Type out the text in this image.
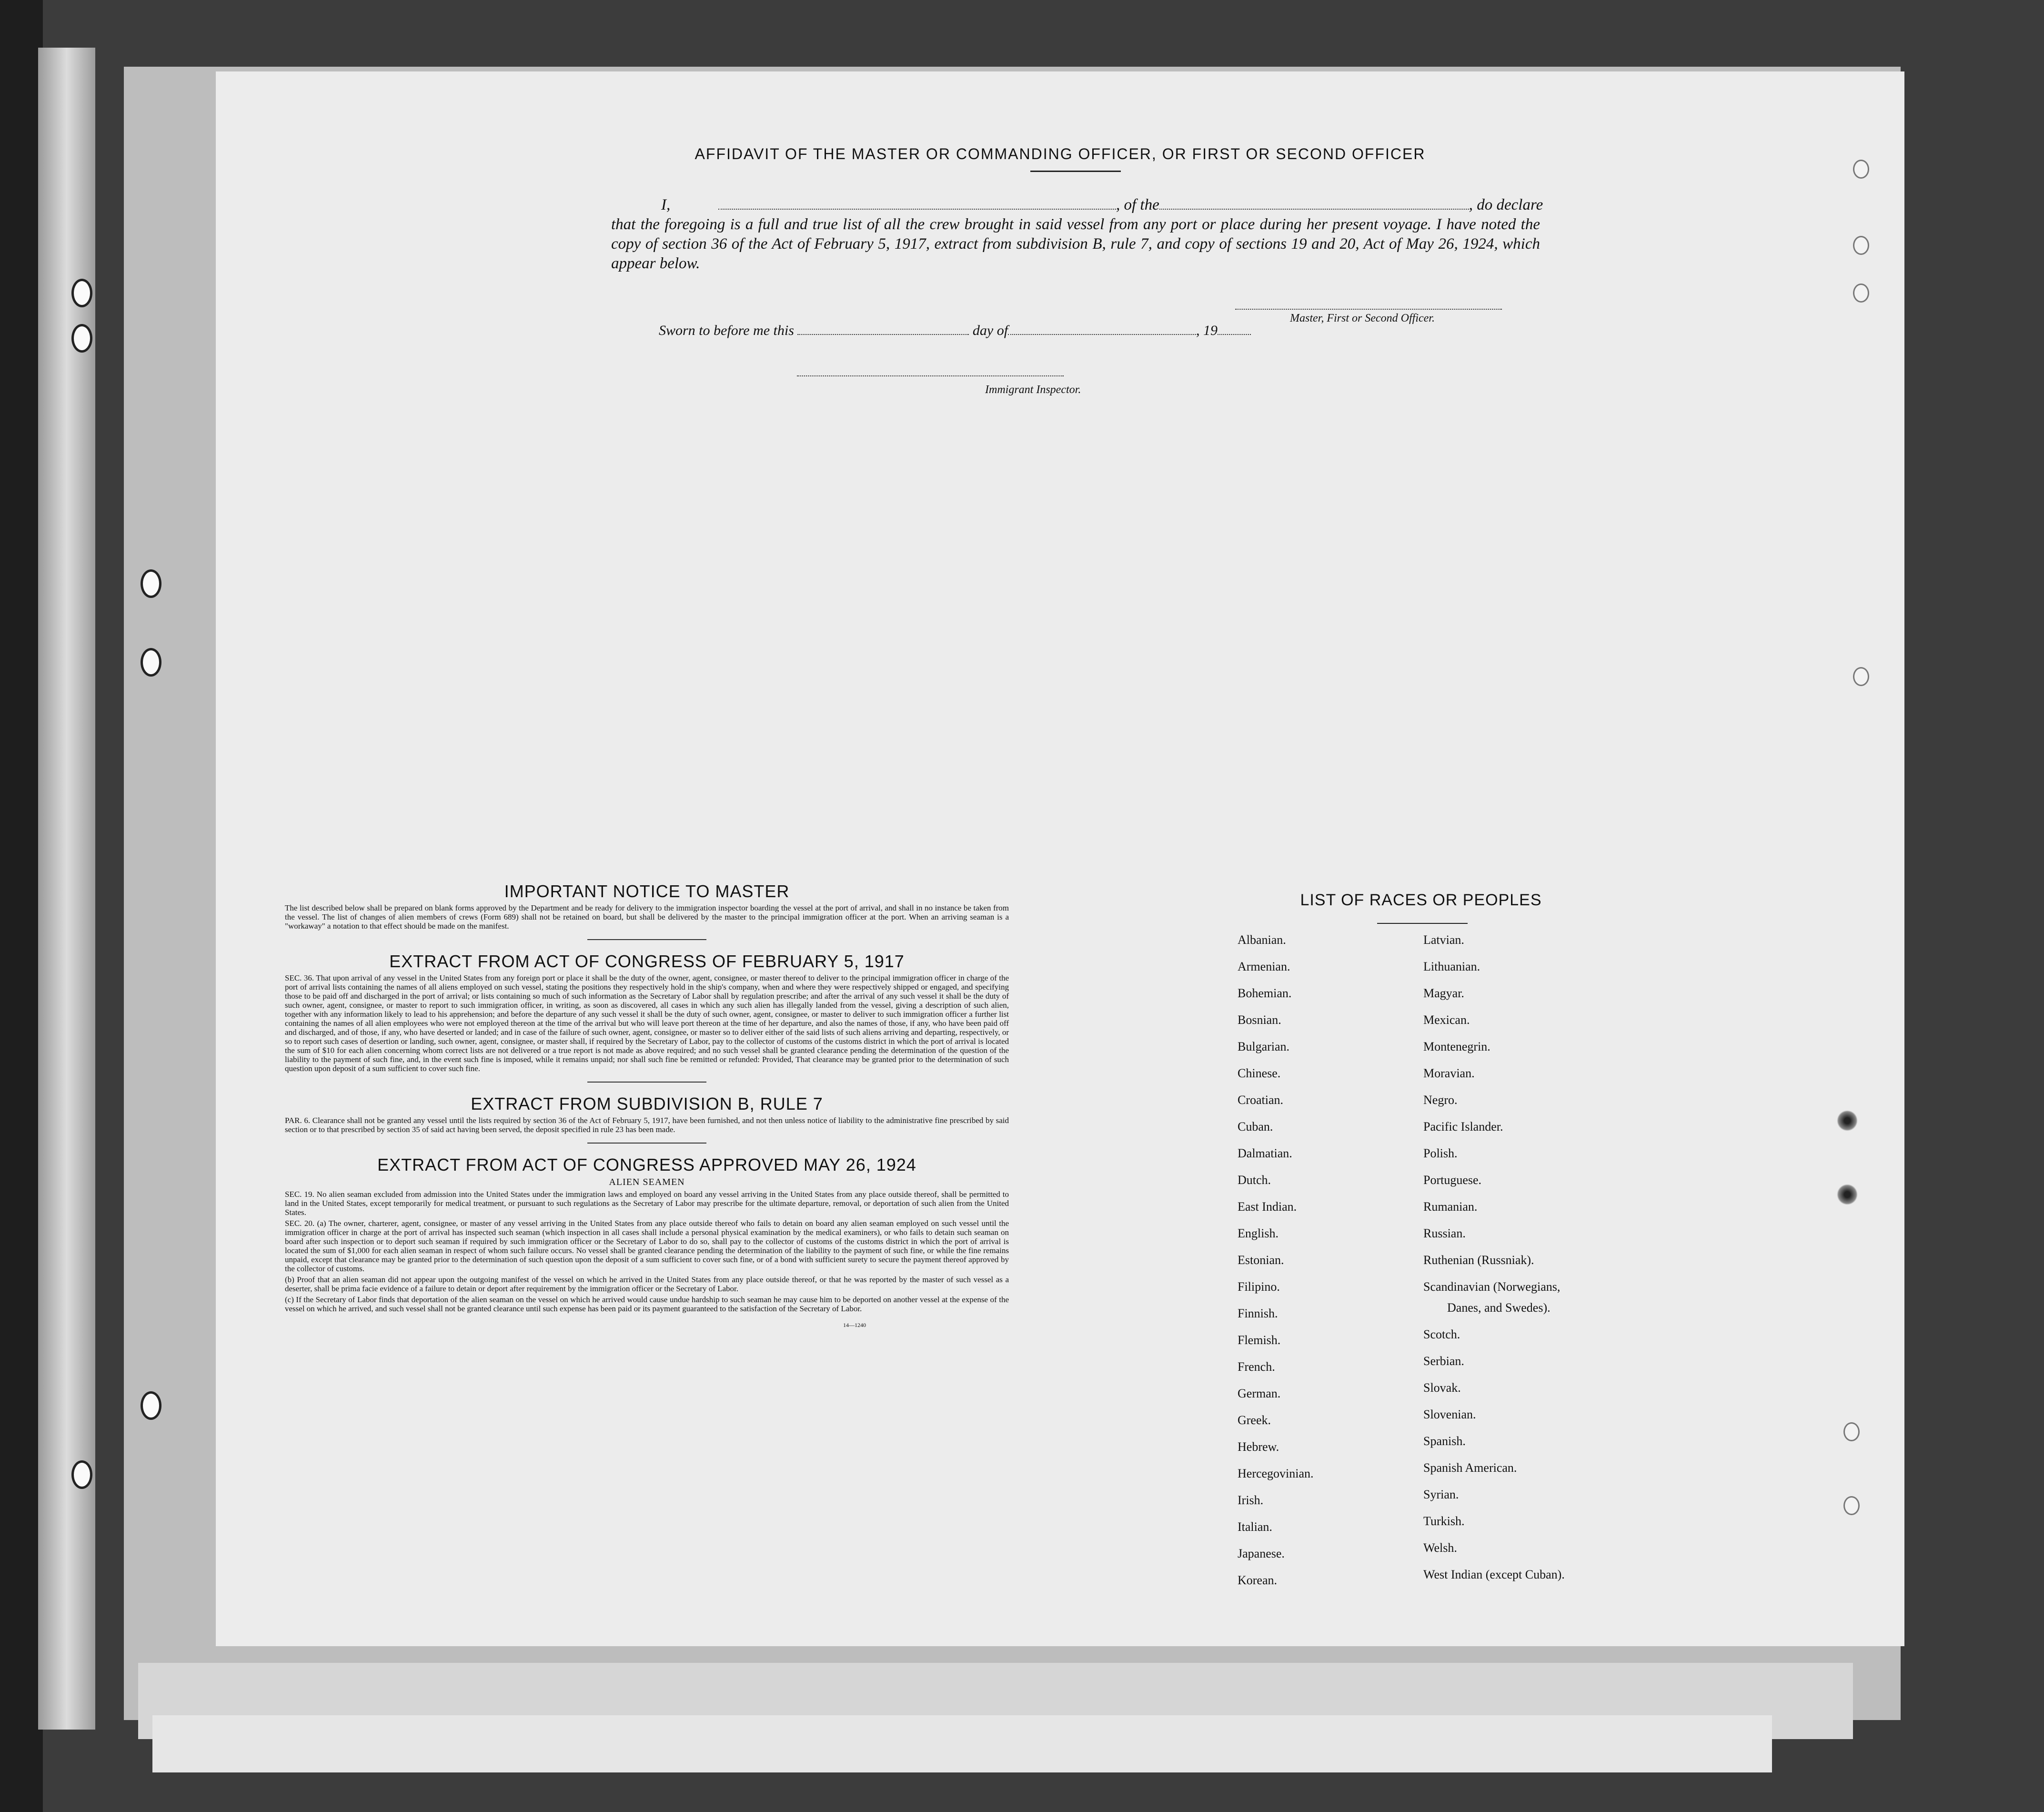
AFFIDAVIT OF THE MASTER OR COMMANDING OFFICER, OR FIRST OR SECOND OFFICER
I,	, of the	, do declare
that the foregoing is a full and true list of all the crew brought in said vessel from any port or place during her present voyage. I have noted the copy of section 36 of the Act of February 5, 1917, extract from subdivision B, rule 7, and copy of sections 19 and 20, Act of May 26, 1924, which appear below.
Master, First or Second Officer.
Sworn to before me this	day of	, 19
Immigrant Inspector.

IMPORTANT NOTICE TO MASTER

The list described below shall be prepared on blank forms approved by the Department and be ready for delivery to the immigration inspector boarding the vessel at the port of arrival, and shall in no instance be taken from the vessel. The list of changes of alien members of crews (Form 689) shall not be retained on board, but shall be delivered by the master to the principal immigration officer at the port. When an arriving seaman is a "workaway" a notation to that effect should be made on the manifest.

EXTRACT FROM ACT OF CONGRESS OF FEBRUARY 5, 1917

SEC. 36. That upon arrival of any vessel in the United States from any foreign port or place it shall be the duty of the owner, agent, consignee, or master thereof to deliver to the principal immigration officer in charge of the port of arrival lists containing the names of all aliens employed on such vessel, stating the positions they respectively hold in the ship's company, when and where they were respectively shipped or engaged, and specifying those to be paid off and discharged in the port of arrival; or lists containing so much of such information as the Secretary of Labor shall by regulation prescribe; and after the arrival of any such vessel it shall be the duty of such owner, agent, consignee, or master to report to such immigration officer, in writing, as soon as discovered, all cases in which any such alien has illegally landed from the vessel, giving a description of such alien, together with any information likely to lead to his apprehension; and before the departure of any such vessel it shall be the duty of such owner, agent, consignee, or master to deliver to such immigration officer a further list containing the names of all alien employees who were not employed thereon at the time of the arrival but who will leave port thereon at the time of her departure, and also the names of those, if any, who have been paid off and discharged, and of those, if any, who have deserted or landed; and in case of the failure of such owner, agent, consignee, or master so to deliver either of the said lists of such aliens arriving and departing, respectively, or so to report such cases of desertion or landing, such owner, agent, consignee, or master shall, if required by the Secretary of Labor, pay to the collector of customs of the customs district in which the port of arrival is located the sum of $10 for each alien concerning whom correct lists are not delivered or a true report is not made as above required; and no such vessel shall be granted clearance pending the determination of the question of the liability to the payment of such fine, and, in the event such fine is imposed, while it remains unpaid; nor shall such fine be remitted or refunded: Provided, That clearance may be granted prior to the determination of such question upon deposit of a sum sufficient to cover such fine.

EXTRACT FROM SUBDIVISION B, RULE 7

PAR. 6. Clearance shall not be granted any vessel until the lists required by section 36 of the Act of February 5, 1917, have been furnished, and not then unless notice of liability to the administrative fine prescribed by said section or to that prescribed by section 35 of said act having been served, the deposit specified in rule 23 has been made.

EXTRACT FROM ACT OF CONGRESS APPROVED MAY 26, 1924

ALIEN SEAMEN

SEC. 19. No alien seaman excluded from admission into the United States under the immigration laws and employed on board any vessel arriving in the United States from any place outside thereof, shall be permitted to land in the United States, except temporarily for medical treatment, or pursuant to such regulations as the Secretary of Labor may prescribe for the ultimate departure, removal, or deportation of such alien from the United States.

SEC. 20. (a) The owner, charterer, agent, consignee, or master of any vessel arriving in the United States from any place outside thereof who fails to detain on board any alien seaman employed on such vessel until the immigration officer in charge at the port of arrival has inspected such seaman (which inspection in all cases shall include a personal physical examination by the medical examiners), or who fails to detain such seaman on board after such inspection or to deport such seaman if required by such immigration officer or the Secretary of Labor to do so, shall pay to the collector of customs of the customs district in which the port of arrival is located the sum of $1,000 for each alien seaman in respect of whom such failure occurs. No vessel shall be granted clearance pending the determination of the liability to the payment of such fine, or while the fine remains unpaid, except that clearance may be granted prior to the determination of such question upon the deposit of a sum sufficient to cover such fine, or of a bond with sufficient surety to secure the payment thereof approved by the collector of customs.

(b) Proof that an alien seaman did not appear upon the outgoing manifest of the vessel on which he arrived in the United States from any place outside thereof, or that he was reported by the master of such vessel as a deserter, shall be prima facie evidence of a failure to detain or deport after requirement by the immigration officer or the Secretary of Labor.

(c) If the Secretary of Labor finds that deportation of the alien seaman on the vessel on which he arrived would cause undue hardship to such seaman he may cause him to be deported on another vessel at the expense of the vessel on which he arrived, and such vessel shall not be granted clearance until such expense has been paid or its payment guaranteed to the satisfaction of the Secretary of Labor.

14—1240
LIST OF RACES OR PEOPLES
Albanian.
Armenian.
Bohemian.
Bosnian.
Bulgarian.
Chinese.
Croatian.
Cuban.
Dalmatian.
Dutch.
East Indian.
English.
Estonian.
Filipino.
Finnish.
Flemish.
French.
German.
Greek.
Hebrew.
Hercegovinian.
Irish.
Italian.
Japanese.
Korean.
Latvian.
Lithuanian.
Magyar.
Mexican.
Montenegrin.
Moravian.
Negro.
Pacific Islander.
Polish.
Portuguese.
Rumanian.
Russian.
Ruthenian (Russniak).
Scandinavian (Norwegians,
Danes, and Swedes).
Scotch.
Serbian.
Slovak.
Slovenian.
Spanish.
Spanish American.
Syrian.
Turkish.
Welsh.
West Indian (except Cuban).
